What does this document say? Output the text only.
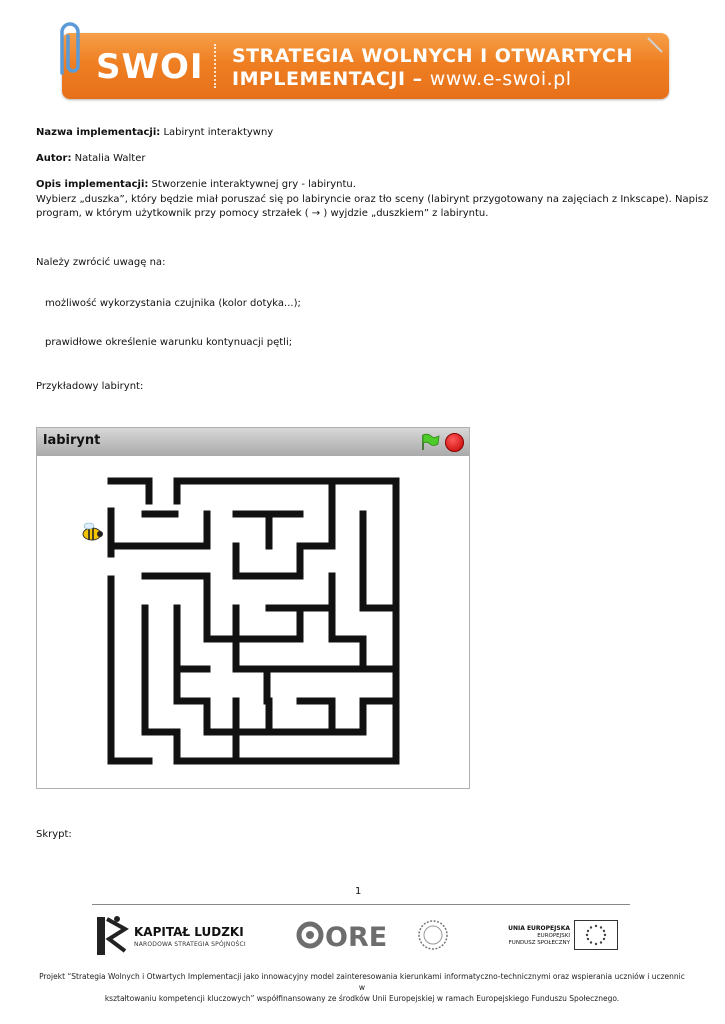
SWOI STRATEGIA WOLNYCH I OTWARTYCH
IMPLEMENTACJI – www.e-swoi.pl
Nazwa implementacji: Labirynt interaktywny
Autor: Natalia Walter
Opis implementacji: Stworzenie interaktywnej gry - labiryntu.
Wybierz „duszka”, który będzie miał poruszać się po labiryncie oraz tło sceny (labirynt przygotowany na zajęciach z Inkscape). Napisz
program, w którym użytkownik przy pomocy strzałek ( → ) wyjdzie „duszkiem” z labiryntu.
Należy zwrócić uwagę na:
możliwość wykorzystania czujnika (kolor dotyka...);
prawidłowe określenie warunku kontynuacji pętli;
Przykładowy labirynt:
labirynt
Skrypt:
1
KAPITAŁ LUDZKI
NARODOWA STRATEGIA SPÓJNOŚCI	ORE	UNIA EUROPEJSKA
EUROPEJSKI
FUNDUSZ SPOŁECZNY
Projekt “Strategia Wolnych i Otwartych Implementacji jako innowacyjny model zainteresowania kierunkami informatyczno-technicznymi oraz wspierania uczniów i uczennic w
kształtowaniu kompetencji kluczowych” współfinansowany ze środków Unii Europejskiej w ramach Europejskiego Funduszu Społecznego.
